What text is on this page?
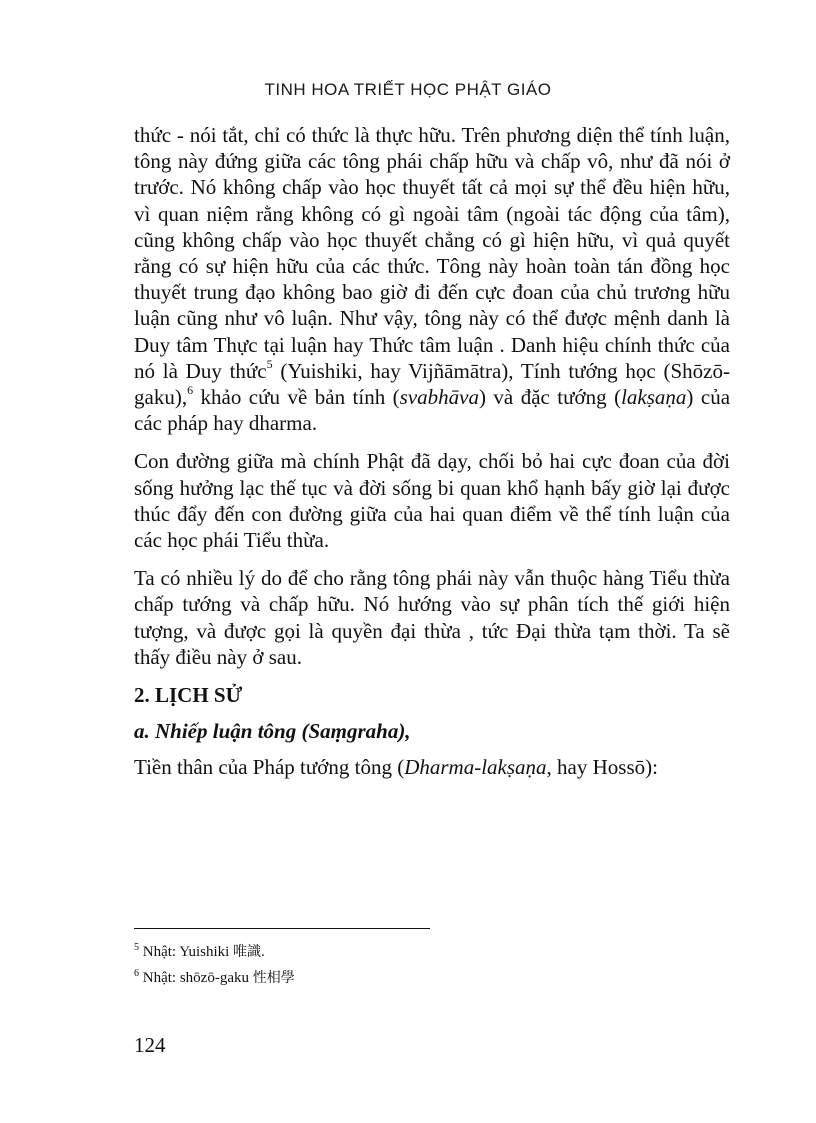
TINH HOA TRIẾT HỌC PHẬT GIÁO

thức - nói tắt, chỉ có thức là thực hữu. Trên phương diện thể tính luận, tông này đứng giữa các tông phái chấp hữu và chấp vô, như đã nói ở trước. Nó không chấp vào học thuyết tất cả mọi sự thể đều hiện hữu, vì quan niệm rằng không có gì ngoài tâm (ngoài tác động của tâm), cũng không chấp vào học thuyết chẳng có gì hiện hữu, vì quả quyết rằng có sự hiện hữu của các thức. Tông này hoàn toàn tán đồng học thuyết trung đạo không bao giờ đi đến cực đoan của chủ trương hữu luận cũng như vô luận. Như vậy, tông này có thể được mệnh danh là Duy tâm Thực tại luận hay Thức tâm luận . Danh hiệu chính thức của nó là Duy thức$^5$ (Yuishiki, hay Vijñāmātra), Tính tướng học (Shōzō-gaku),$^6$ khảo cứu về bản tính (svabhāva) và đặc tướng (lakṣaṇa) của các pháp hay dharma.

Con đường giữa mà chính Phật đã dạy, chối bỏ hai cực đoan của đời sống hưởng lạc thế tục và đời sống bi quan khổ hạnh bấy giờ lại được thúc đẩy đến con đường giữa của hai quan điểm về thể tính luận của các học phái Tiểu thừa.

Ta có nhiều lý do để cho rằng tông phái này vẫn thuộc hàng Tiểu thừa chấp tướng và chấp hữu. Nó hướng vào sự phân tích thế giới hiện tượng, và được gọi là quyền đại thừa , tức Đại thừa tạm thời. Ta sẽ thấy điều này ở sau.

2. LỊCH SỬ
a. Nhiếp luận tông (Saṃgraha),

Tiền thân của Pháp tướng tông (Dharma-lakṣaṇa, hay Hossō):

$^5$ Nhật: Yuishiki 唯識.
$^6$ Nhật: shōzō-gaku 性相學
124
